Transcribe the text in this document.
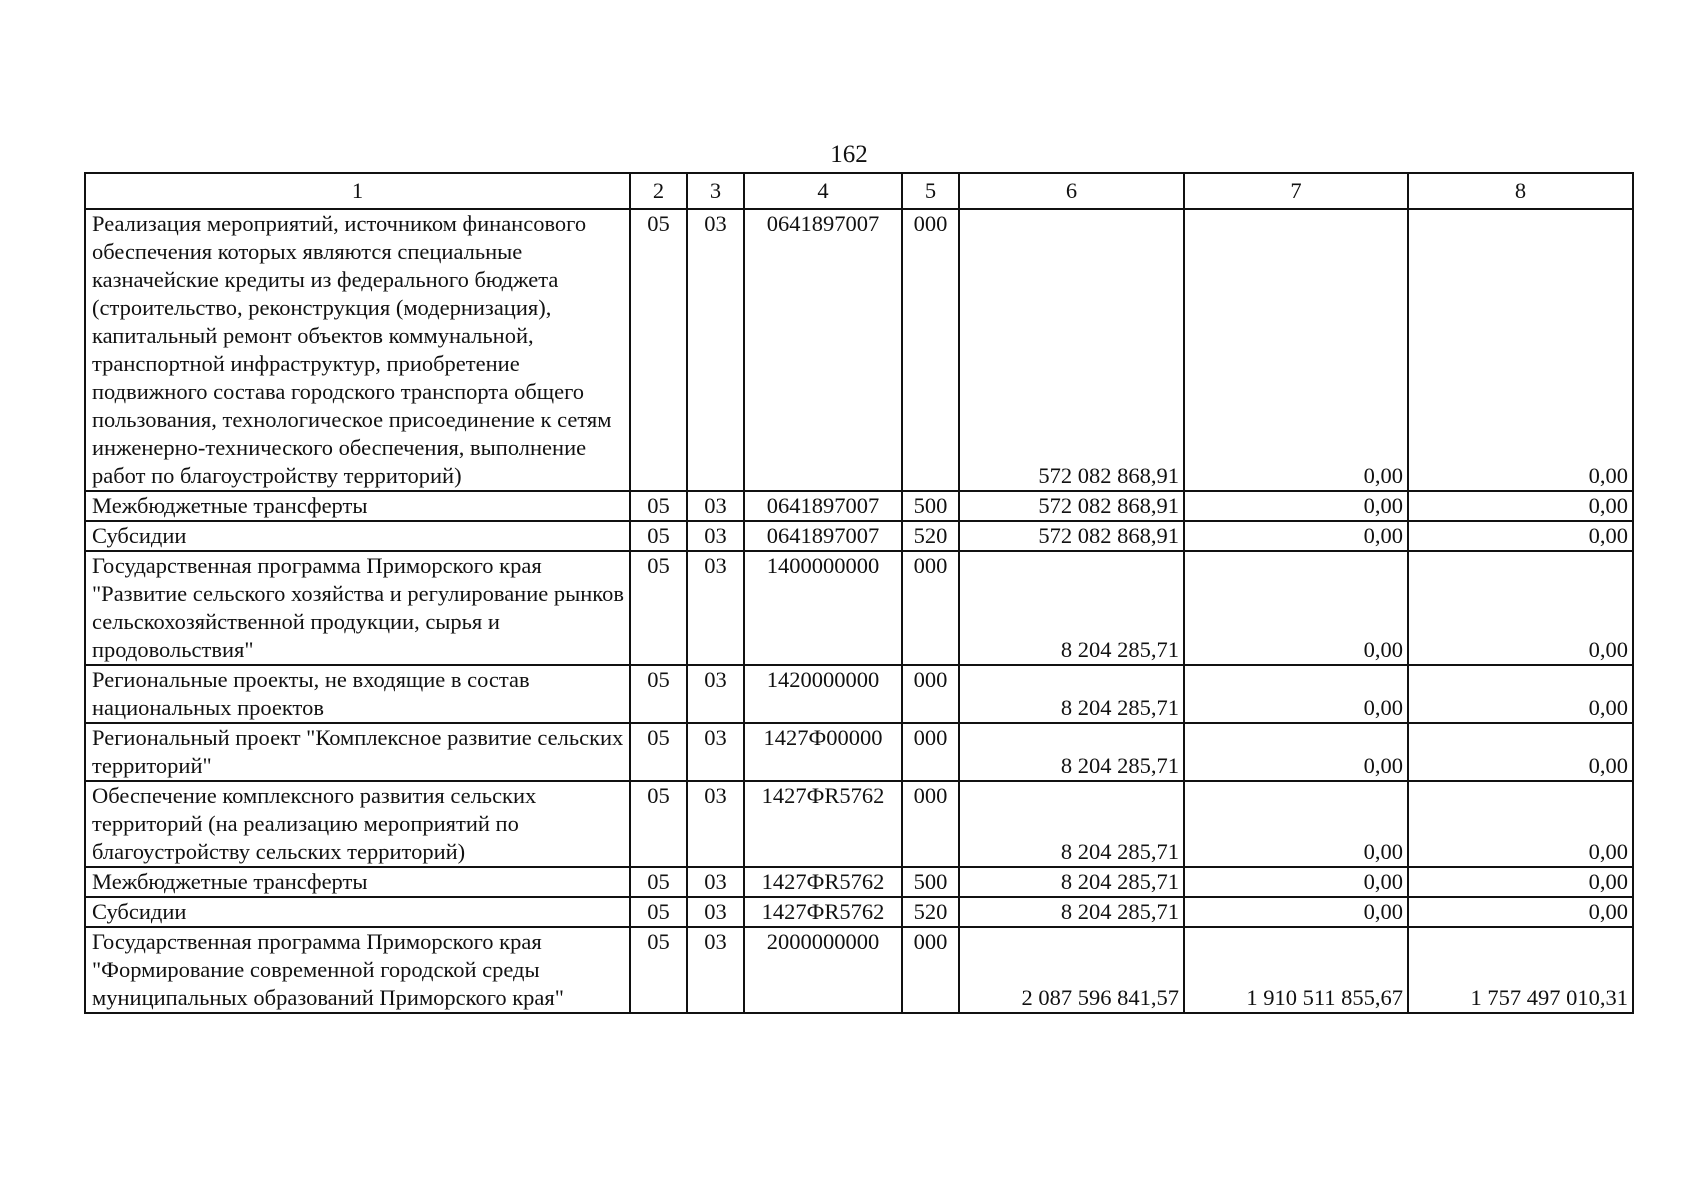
162
1	2	3	4	5	6	7	8
Реализация мероприятий, источником финансового обеспечения которых являются специальные казначейские кредиты из федерального бюджета (строительство, реконструкция (модернизация), капитальный ремонт объектов коммунальной, транспортной инфраструктур, приобретение подвижного состава городского транспорта общего пользования, технологическое присоединение к сетям инженерно-технического обеспечения, выполнение работ по благоустройству территорий)	05	03	0641897007	000	572 082 868,91	0,00	0,00
Межбюджетные трансферты	05	03	0641897007	500	572 082 868,91	0,00	0,00
Субсидии	05	03	0641897007	520	572 082 868,91	0,00	0,00
Государственная программа Приморского края "Развитие сельского хозяйства и регулирование рынков сельскохозяйственной продукции, сырья и продовольствия"	05	03	1400000000	000	8 204 285,71	0,00	0,00
Региональные проекты, не входящие в состав национальных проектов	05	03	1420000000	000	8 204 285,71	0,00	0,00
Региональный проект "Комплексное развитие сельских территорий"	05	03	1427Ф00000	000	8 204 285,71	0,00	0,00
Обеспечение комплексного развития сельских территорий (на реализацию мероприятий по благоустройству сельских территорий)	05	03	1427ФR5762	000	8 204 285,71	0,00	0,00
Межбюджетные трансферты	05	03	1427ФR5762	500	8 204 285,71	0,00	0,00
Субсидии	05	03	1427ФR5762	520	8 204 285,71	0,00	0,00
Государственная программа Приморского края "Формирование современной городской среды муниципальных образований Приморского края"	05	03	2000000000	000	2 087 596 841,57	1 910 511 855,67	1 757 497 010,31
